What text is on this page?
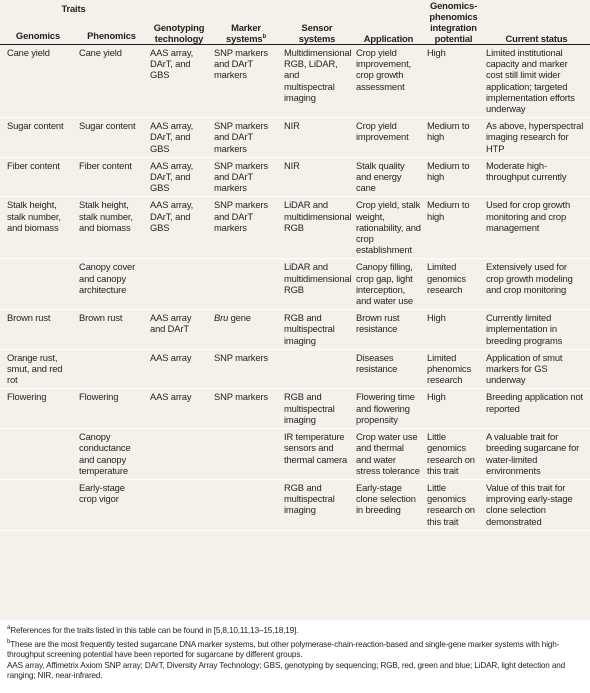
Traits		Genotyping technology	Marker systems$^b$	Sensor systems	Application	Genomics-phenomics integration potential	Current status
Genomics	Phenomics						
Cane yield	Cane yield	AAS array, DArT, and GBS	SNP markers and DArT markers	Multidimensional RGB, LiDAR, and multispectral imaging	Crop yield improvement, crop growth assessment	High	Limited institutional capacity and marker cost still limit wider application; targeted implementation efforts underway
Sugar content	Sugar content	AAS array, DArT, and GBS	SNP markers and DArT markers	NIR	Crop yield improvement	Medium to high	As above, hyperspectral imaging research for HTP
Fiber content	Fiber content	AAS array, DArT, and GBS	SNP markers and DArT markers	NIR	Stalk quality and energy cane	Medium to high	Moderate high-throughput currently
Stalk height, stalk number, and biomass	Stalk height, stalk number, and biomass	AAS array, DArT, and GBS	SNP markers and DArT markers	LiDAR and multidimensional RGB	Crop yield, stalk weight, rationability, and crop establishment	Medium to high	Used for crop growth monitoring and crop management
	Canopy cover and canopy architecture			LiDAR and multidimensional RGB	Canopy filling, crop gap, light interception, and water use	Limited genomics research	Extensively used for crop growth modeling and crop monitoring
Brown rust	Brown rust	AAS array and DArT	Bru gene	RGB and multispectral imaging	Brown rust resistance	High	Currently limited implementation in breeding programs
Orange rust, smut, and red rot		AAS array	SNP markers		Diseases resistance	Limited phenomics research	Application of smut markers for GS underway
Flowering	Flowering	AAS array	SNP markers	RGB and multispectral imaging	Flowering time and flowering propensity	High	Breeding application not reported
	Canopy conductance and canopy temperature			IR temperature sensors and thermal camera	Crop water use and thermal and water stress tolerance	Little genomics research on this trait	A valuable trait for breeding sugarcane for water-limited environments
	Early-stage crop vigor			RGB and multispectral imaging	Early-stage clone selection in breeding	Little genomics research on this trait	Value of this trait for improving early-stage clone selection demonstrated

$^a$References for the traits listed in this table can be found in [5,8,10,11,13–15,18,19].

$^b$These are the most frequently tested sugarcane DNA marker systems, but other polymerase-chain-reaction-based and single-gene marker systems with high-throughput screening potential have been reported for sugarcane by different groups.

AAS array, Affimetrix Axiom SNP array; DArT, Diversity Array Technology; GBS, genotyping by sequencing; RGB, red, green and blue; LiDAR, light detection and ranging; NIR, near-infrared.
